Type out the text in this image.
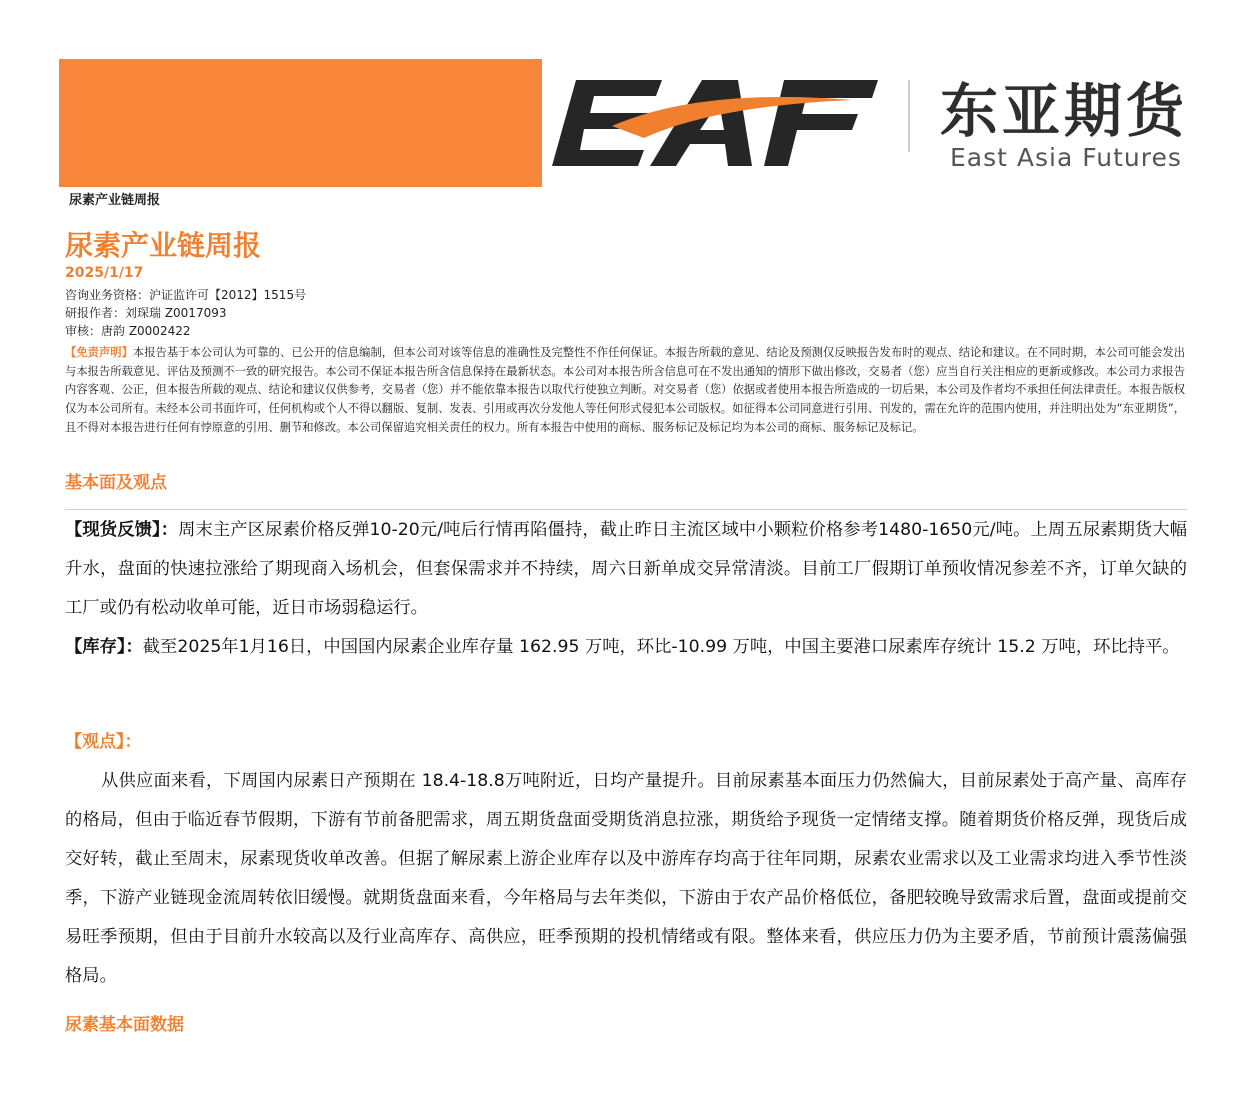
东亚期货
East Asia Futures
尿素产业链周报
尿素产业链周报
2025/1/17
咨询业务资格：沪证监许可【2012】1515号
研报作者：刘琛瑞 Z0017093
审核：唐韵 Z0002422
【免责声明】本报告基于本公司认为可靠的、已公开的信息编制，但本公司对该等信息的准确性及完整性不作任何保证。本报告所载的意见、结论及预测仅反映报告发布时的观点、结论和建议。在不同时期，本公司可能会发出与本报告所载意见、评估及预测不一致的研究报告。本公司不保证本报告所含信息保持在最新状态。本公司对本报告所含信息可在不发出通知的情形下做出修改，交易者（您）应当自行关注相应的更新或修改。本公司力求报告内容客观、公正，但本报告所载的观点、结论和建议仅供参考，交易者（您）并不能依靠本报告以取代行使独立判断。对交易者（您）依据或者使用本报告所造成的一切后果，本公司及作者均不承担任何法律责任。本报告版权仅为本公司所有。未经本公司书面许可，任何机构或个人不得以翻版、复制、发表、引用或再次分发他人等任何形式侵犯本公司版权。如征得本公司同意进行引用、刊发的，需在允许的范围内使用，并注明出处为“东亚期货”，且不得对本报告进行任何有悖原意的引用、删节和修改。本公司保留追究相关责任的权力。所有本报告中使用的商标、服务标记及标记均为本公司的商标、服务标记及标记。
基本面及观点
【现货反馈】：周末主产区尿素价格反弹10-20元/吨后行情再陷僵持，截止昨日主流区域中小颗粒价格参考1480-1650元/吨。上周五尿素期货大幅升水，盘面的快速拉涨给了期现商入场机会，但套保需求并不持续，周六日新单成交异常清淡。目前工厂假期订单预收情况参差不齐，订单欠缺的工厂或仍有松动收单可能，近日市场弱稳运行。
【库存】：截至2025年1月16日，中国国内尿素企业库存量 162.95 万吨，环比-10.99 万吨，中国主要港口尿素库存统计 15.2 万吨，环比持平。
【观点】：
从供应面来看，下周国内尿素日产预期在 18.4-18.8万吨附近，日均产量提升。目前尿素基本面压力仍然偏大，目前尿素处于高产量、高库存的格局，但由于临近春节假期，下游有节前备肥需求，周五期货盘面受期货消息拉涨，期货给予现货一定情绪支撑。随着期货价格反弹，现货后成交好转，截止至周末，尿素现货收单改善。但据了解尿素上游企业库存以及中游库存均高于往年同期，尿素农业需求以及工业需求均进入季节性淡季，下游产业链现金流周转依旧缓慢。就期货盘面来看，今年格局与去年类似，下游由于农产品价格低位，备肥较晚导致需求后置，盘面或提前交易旺季预期，但由于目前升水较高以及行业高库存、高供应，旺季预期的投机情绪或有限。整体来看，供应压力仍为主要矛盾，节前预计震荡偏强格局。
尿素基本面数据
